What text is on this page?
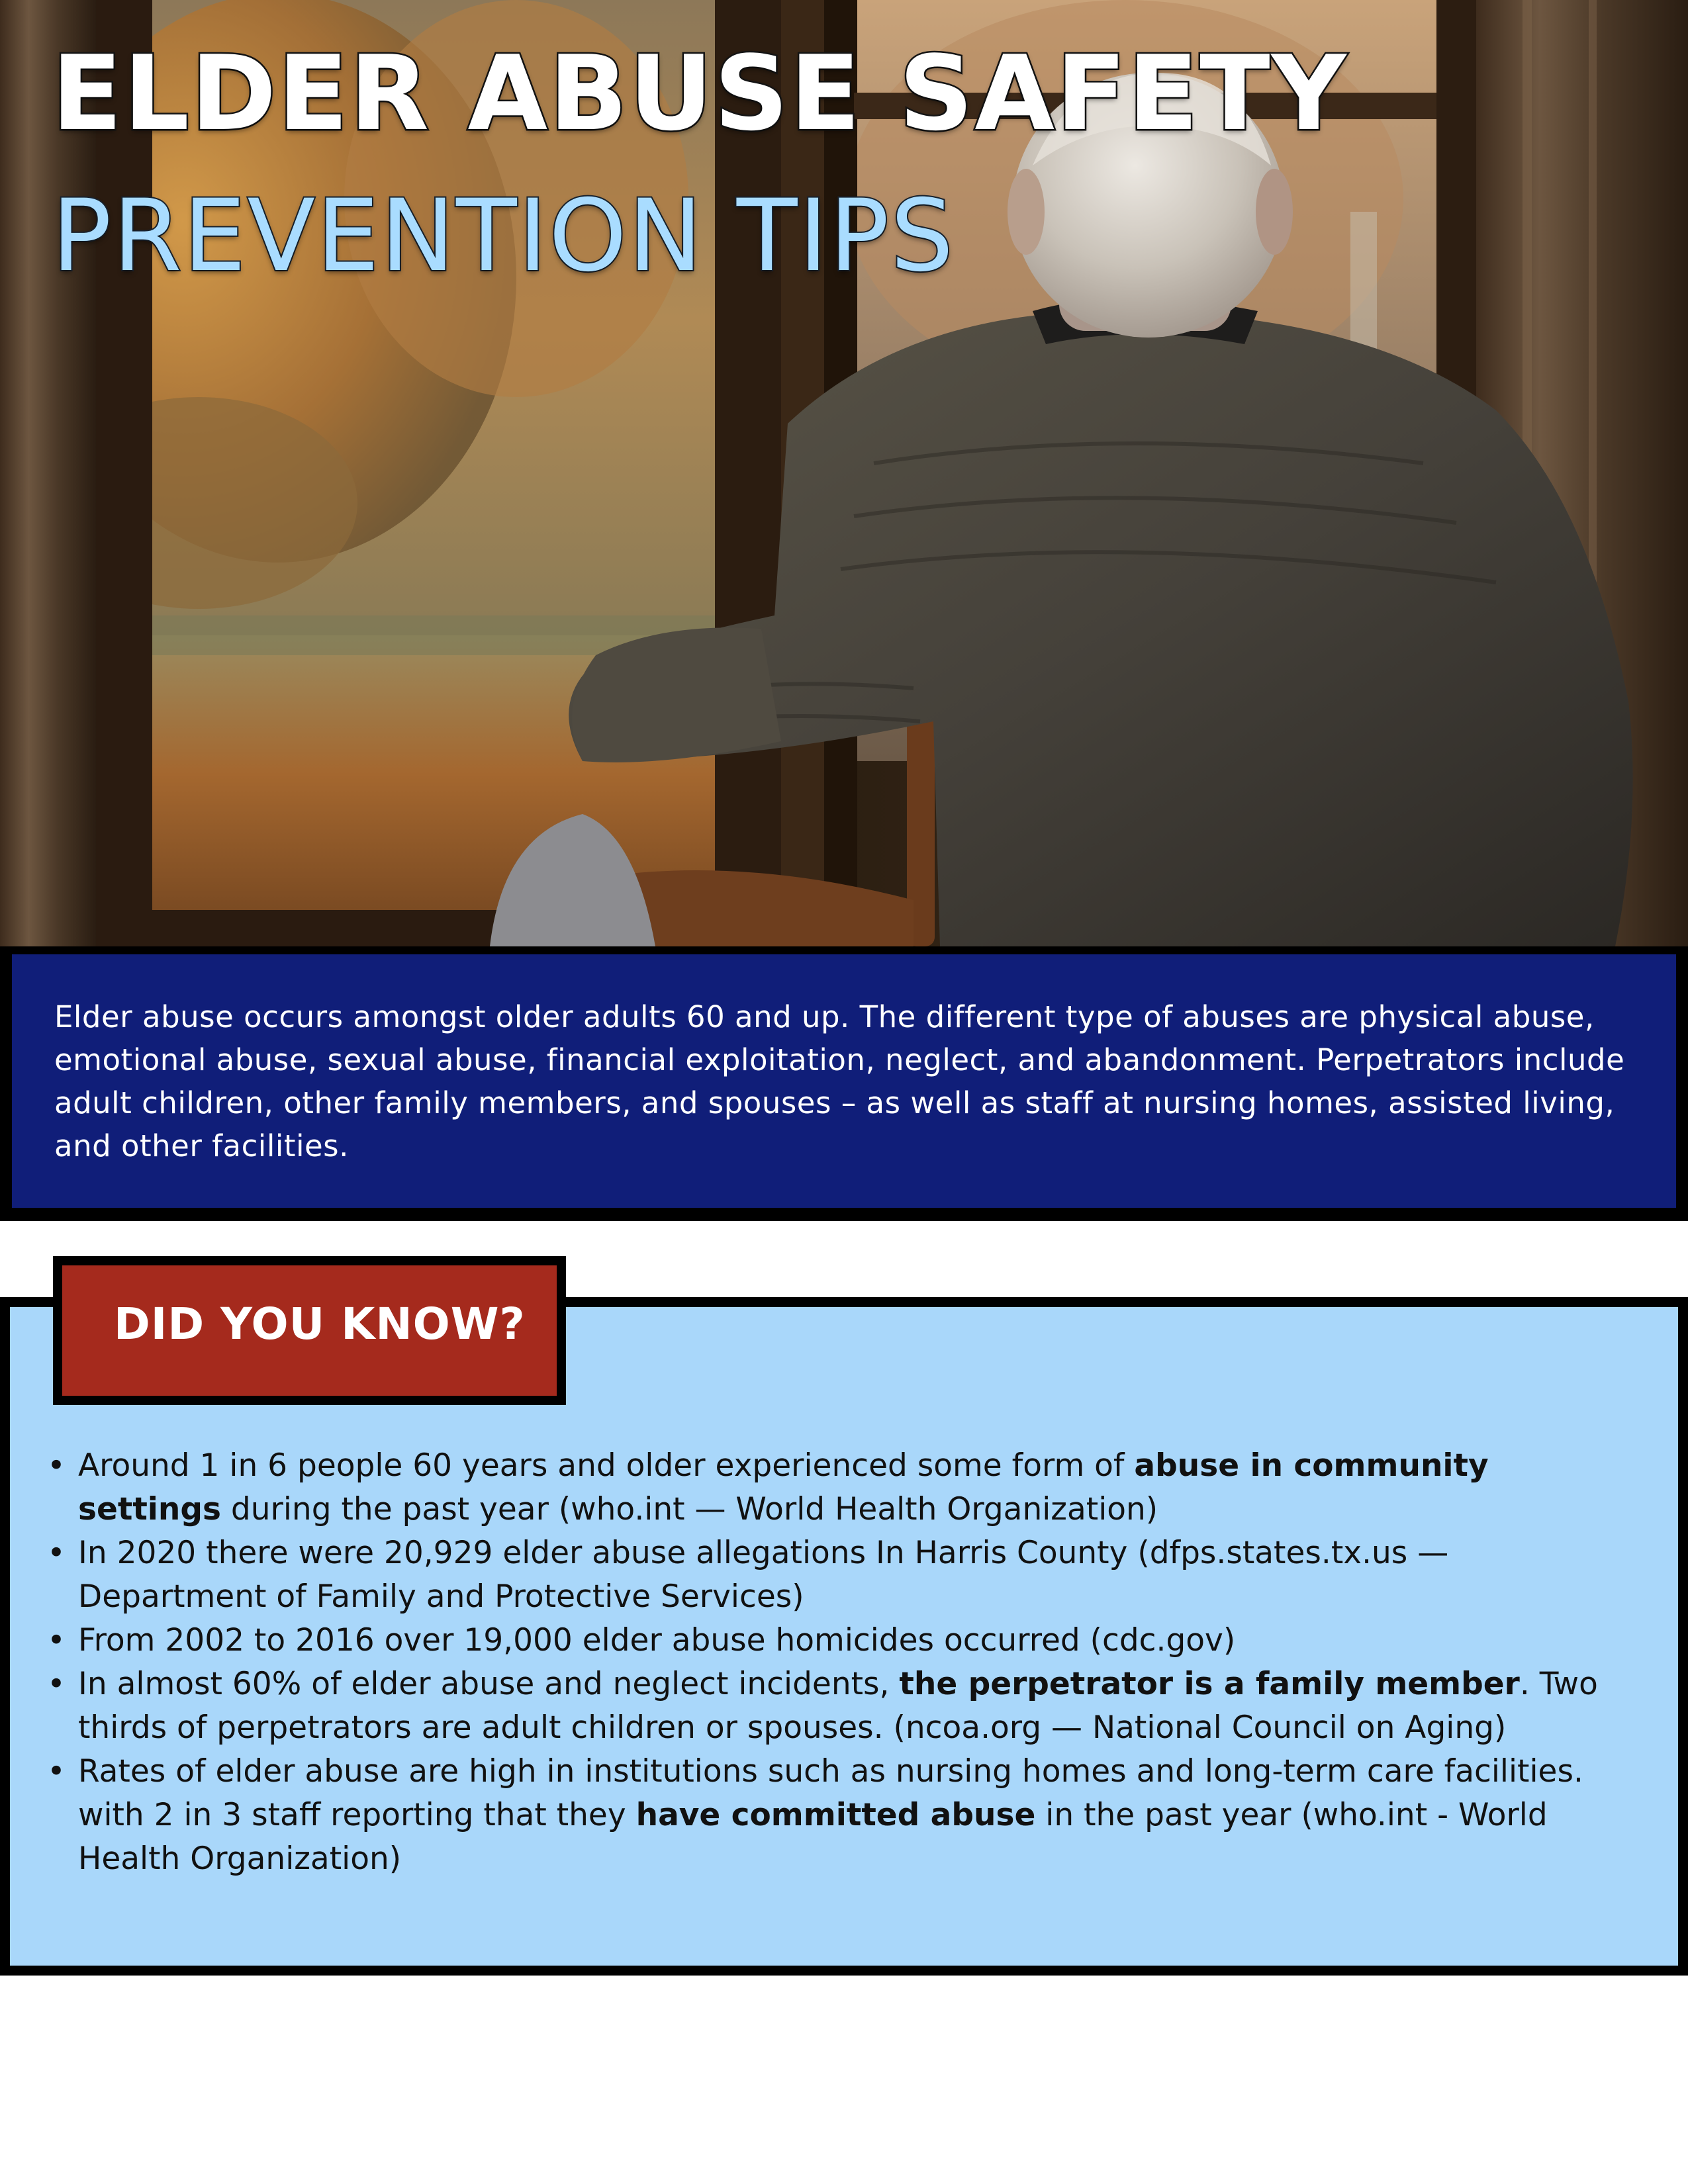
ELDER ABUSE SAFETY
PREVENTION TIPS

Elder abuse occurs amongst older adults 60 and up. The different type of abuses are physical abuse, emotional abuse, sexual abuse, financial exploitation, neglect, and abandonment. Perpetrators include adult children, other family members, and spouses – as well as staff at nursing homes, assisted living, and other facilities.

DID YOU KNOW?
• Around 1 in 6 people 60 years and older experienced some form of abuse in community settings during the past year (who.int — World Health Organization)
• In 2020 there were 20,929 elder abuse allegations In Harris County (dfps.states.tx.us — Department of Family and Protective Services)
• From 2002 to 2016 over 19,000 elder abuse homicides occurred (cdc.gov)
• In almost 60% of elder abuse and neglect incidents, the perpetrator is a family member. Two thirds of perpetrators are adult children or spouses. (ncoa.org — National Council on Aging)
• Rates of elder abuse are high in institutions such as nursing homes and long-term care facilities. with 2 in 3 staff reporting that they have committed abuse in the past year (who.int - World Health Organization)
